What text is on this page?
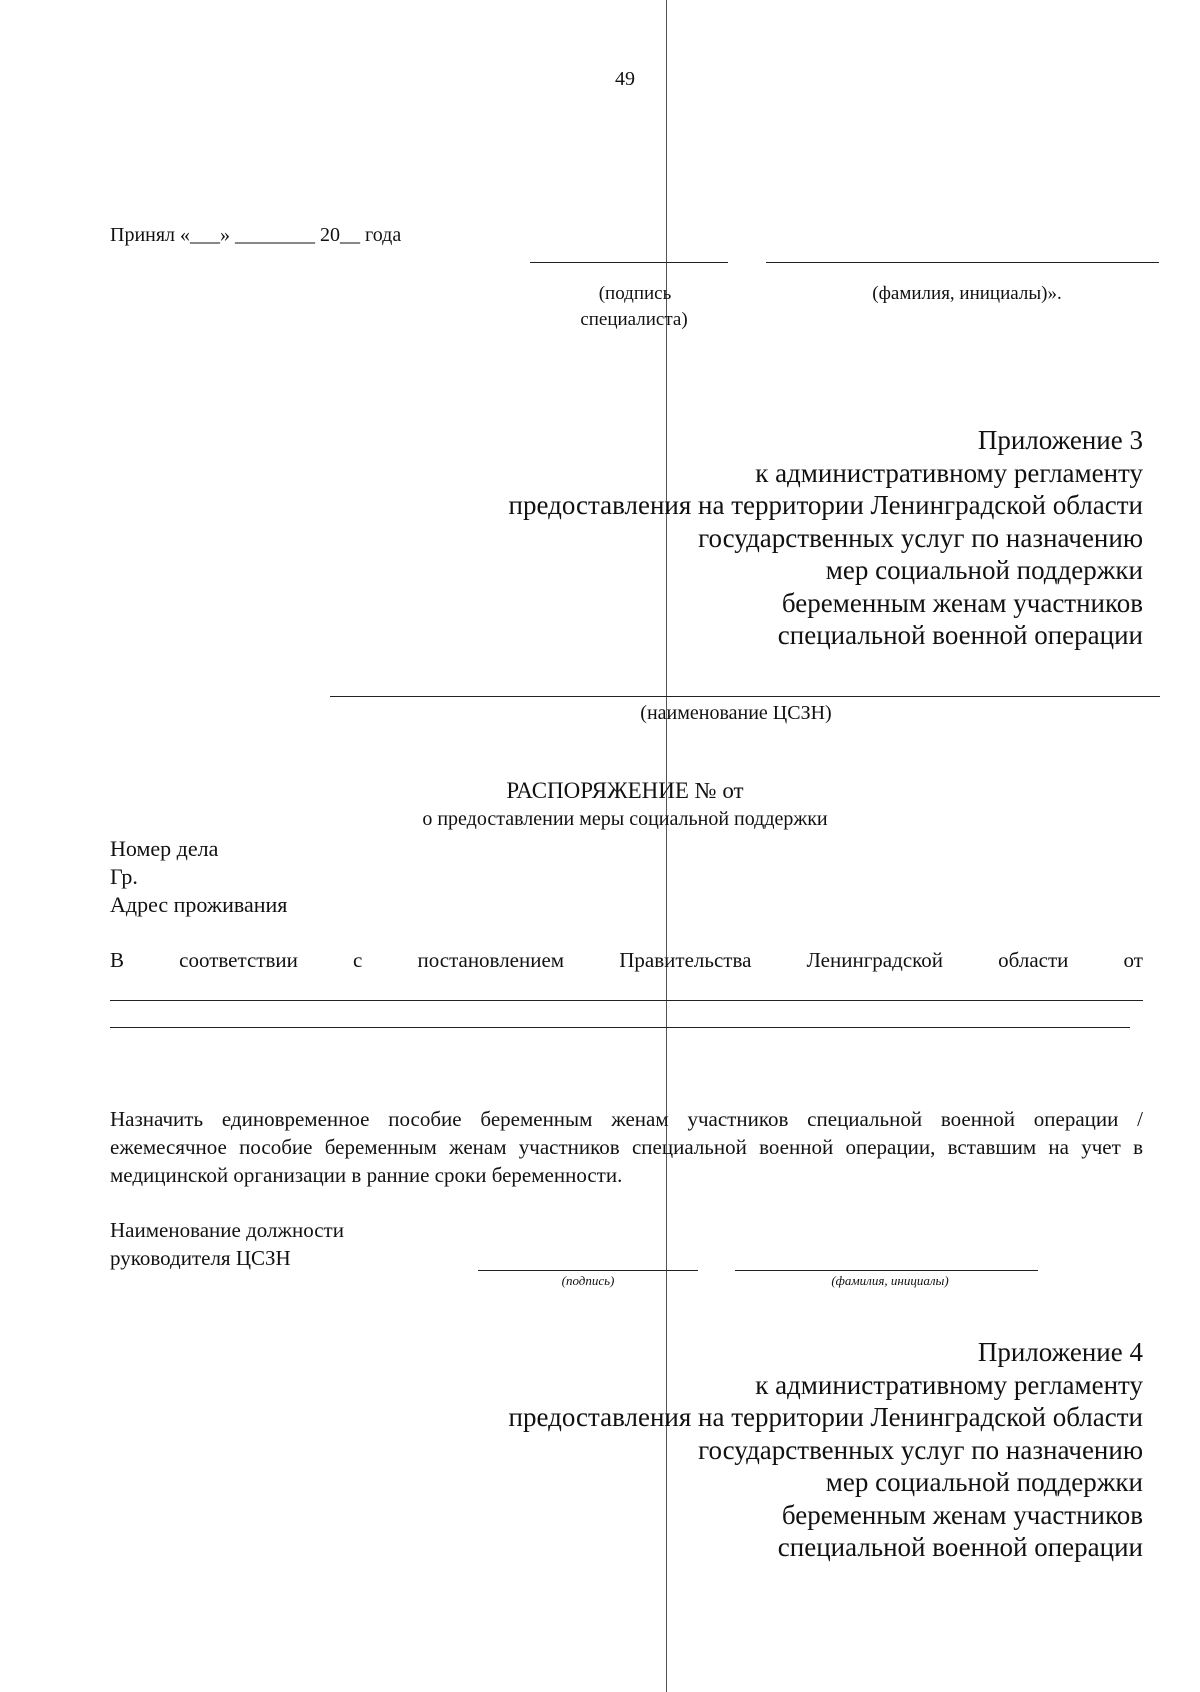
49
Принял «___» ________ 20__ года
(подпись
специалиста)
(фамилия, инициалы)».
Приложение 3
к административному регламенту
предоставления на территории Ленинградской области
государственных услуг по назначению
мер социальной поддержки
беременным женам участников
специальной военной операции
(наименование ЦСЗН)
РАСПОРЯЖЕНИЕ № от
о предоставлении меры социальной поддержки
Номер дела
Гр.
Адрес проживания
В	соответствии	с	постановлением	Правительства	Ленинградской	области	от
Назначить единовременное пособие беременным женам участников специальной военной операции / ежемесячное пособие беременным женам участников специальной военной операции, вставшим на учет в медицинской организации в ранние сроки беременности.
Наименование должности
руководителя ЦСЗН
(подпись)	(фамилия, инициалы)
Приложение 4
к административному регламенту
предоставления на территории Ленинградской области
государственных услуг по назначению
мер социальной поддержки
беременным женам участников
специальной военной операции
